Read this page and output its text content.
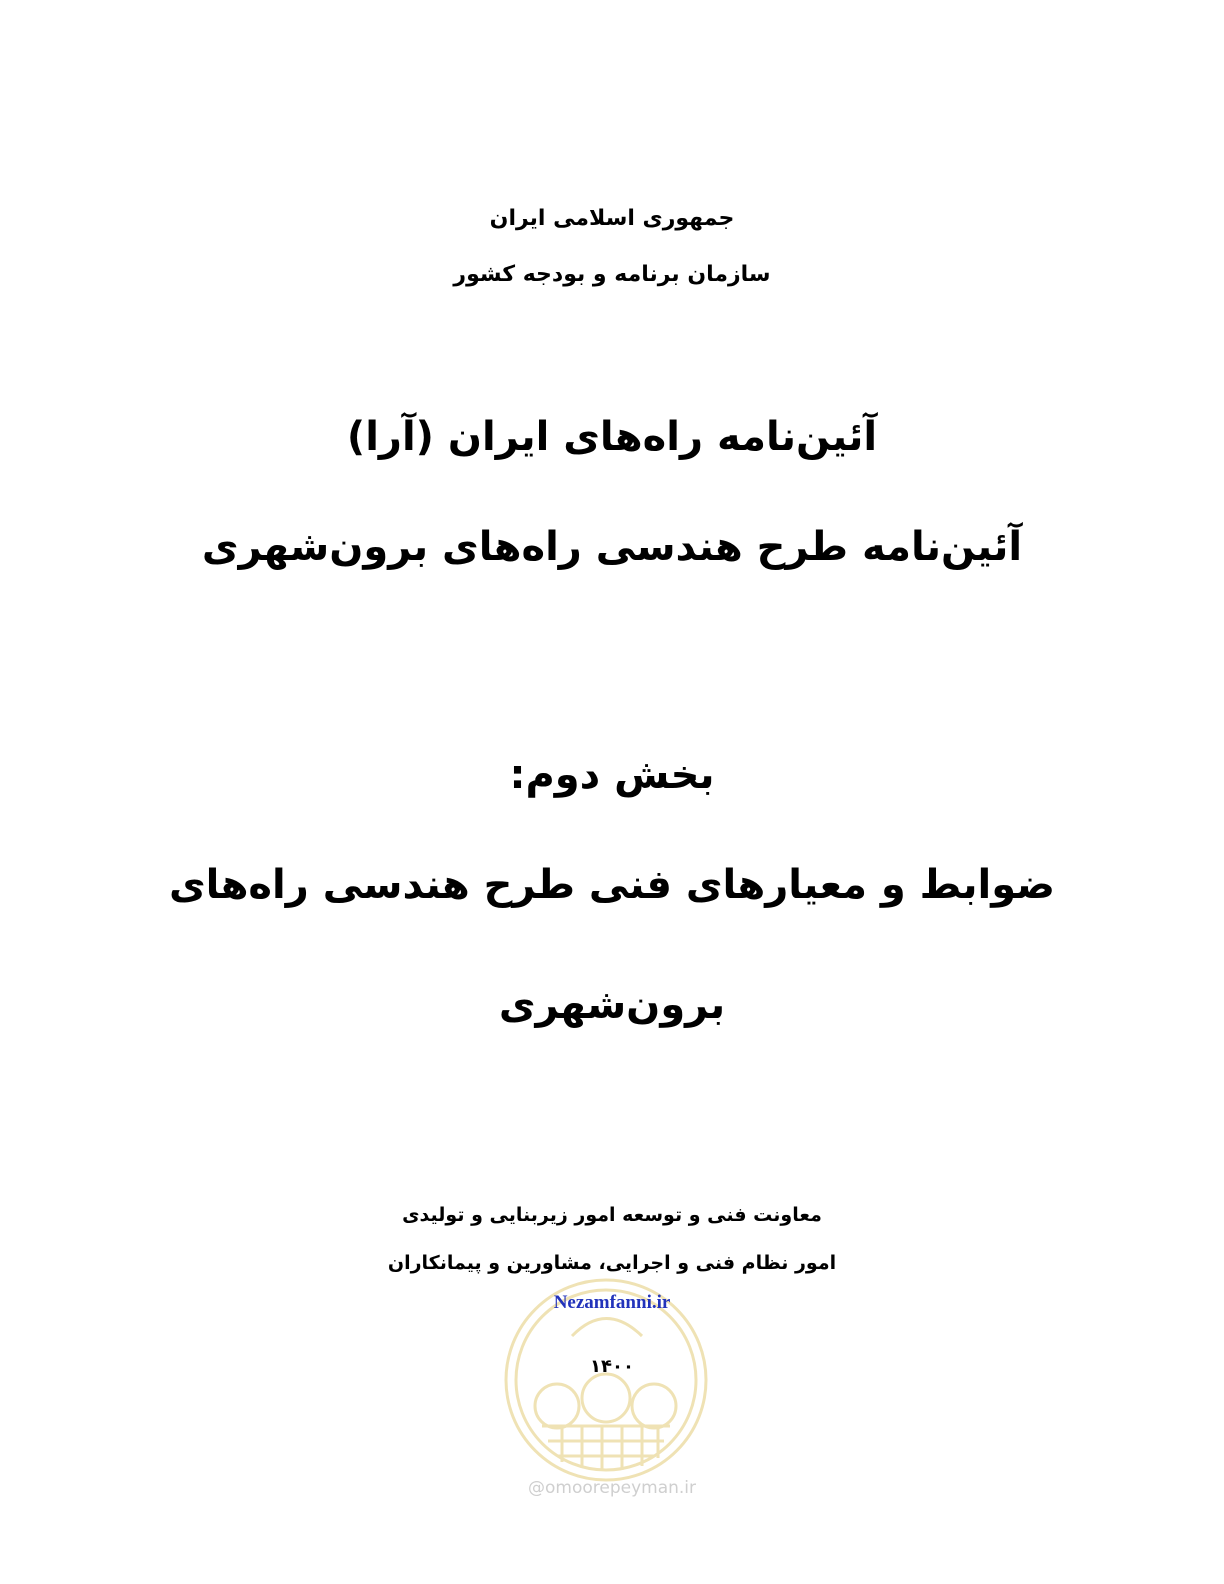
جمهوری اسلامی ایران
سازمان برنامه و بودجه کشور
آئین‌نامه راه‌های ایران (آرا)
آئین‌نامه طرح هندسی راه‌های برون‌شهری
بخش دوم:
ضوابط و معیارهای فنی طرح هندسی راه‌های
برون‌شهری
معاونت فنی و توسعه امور زیربنایی و تولیدی
امور نظام فنی و اجرایی، مشاورین و پیمانکاران
Nezamfanni.ir
۱۴۰۰
@omoorepeyman.ir
